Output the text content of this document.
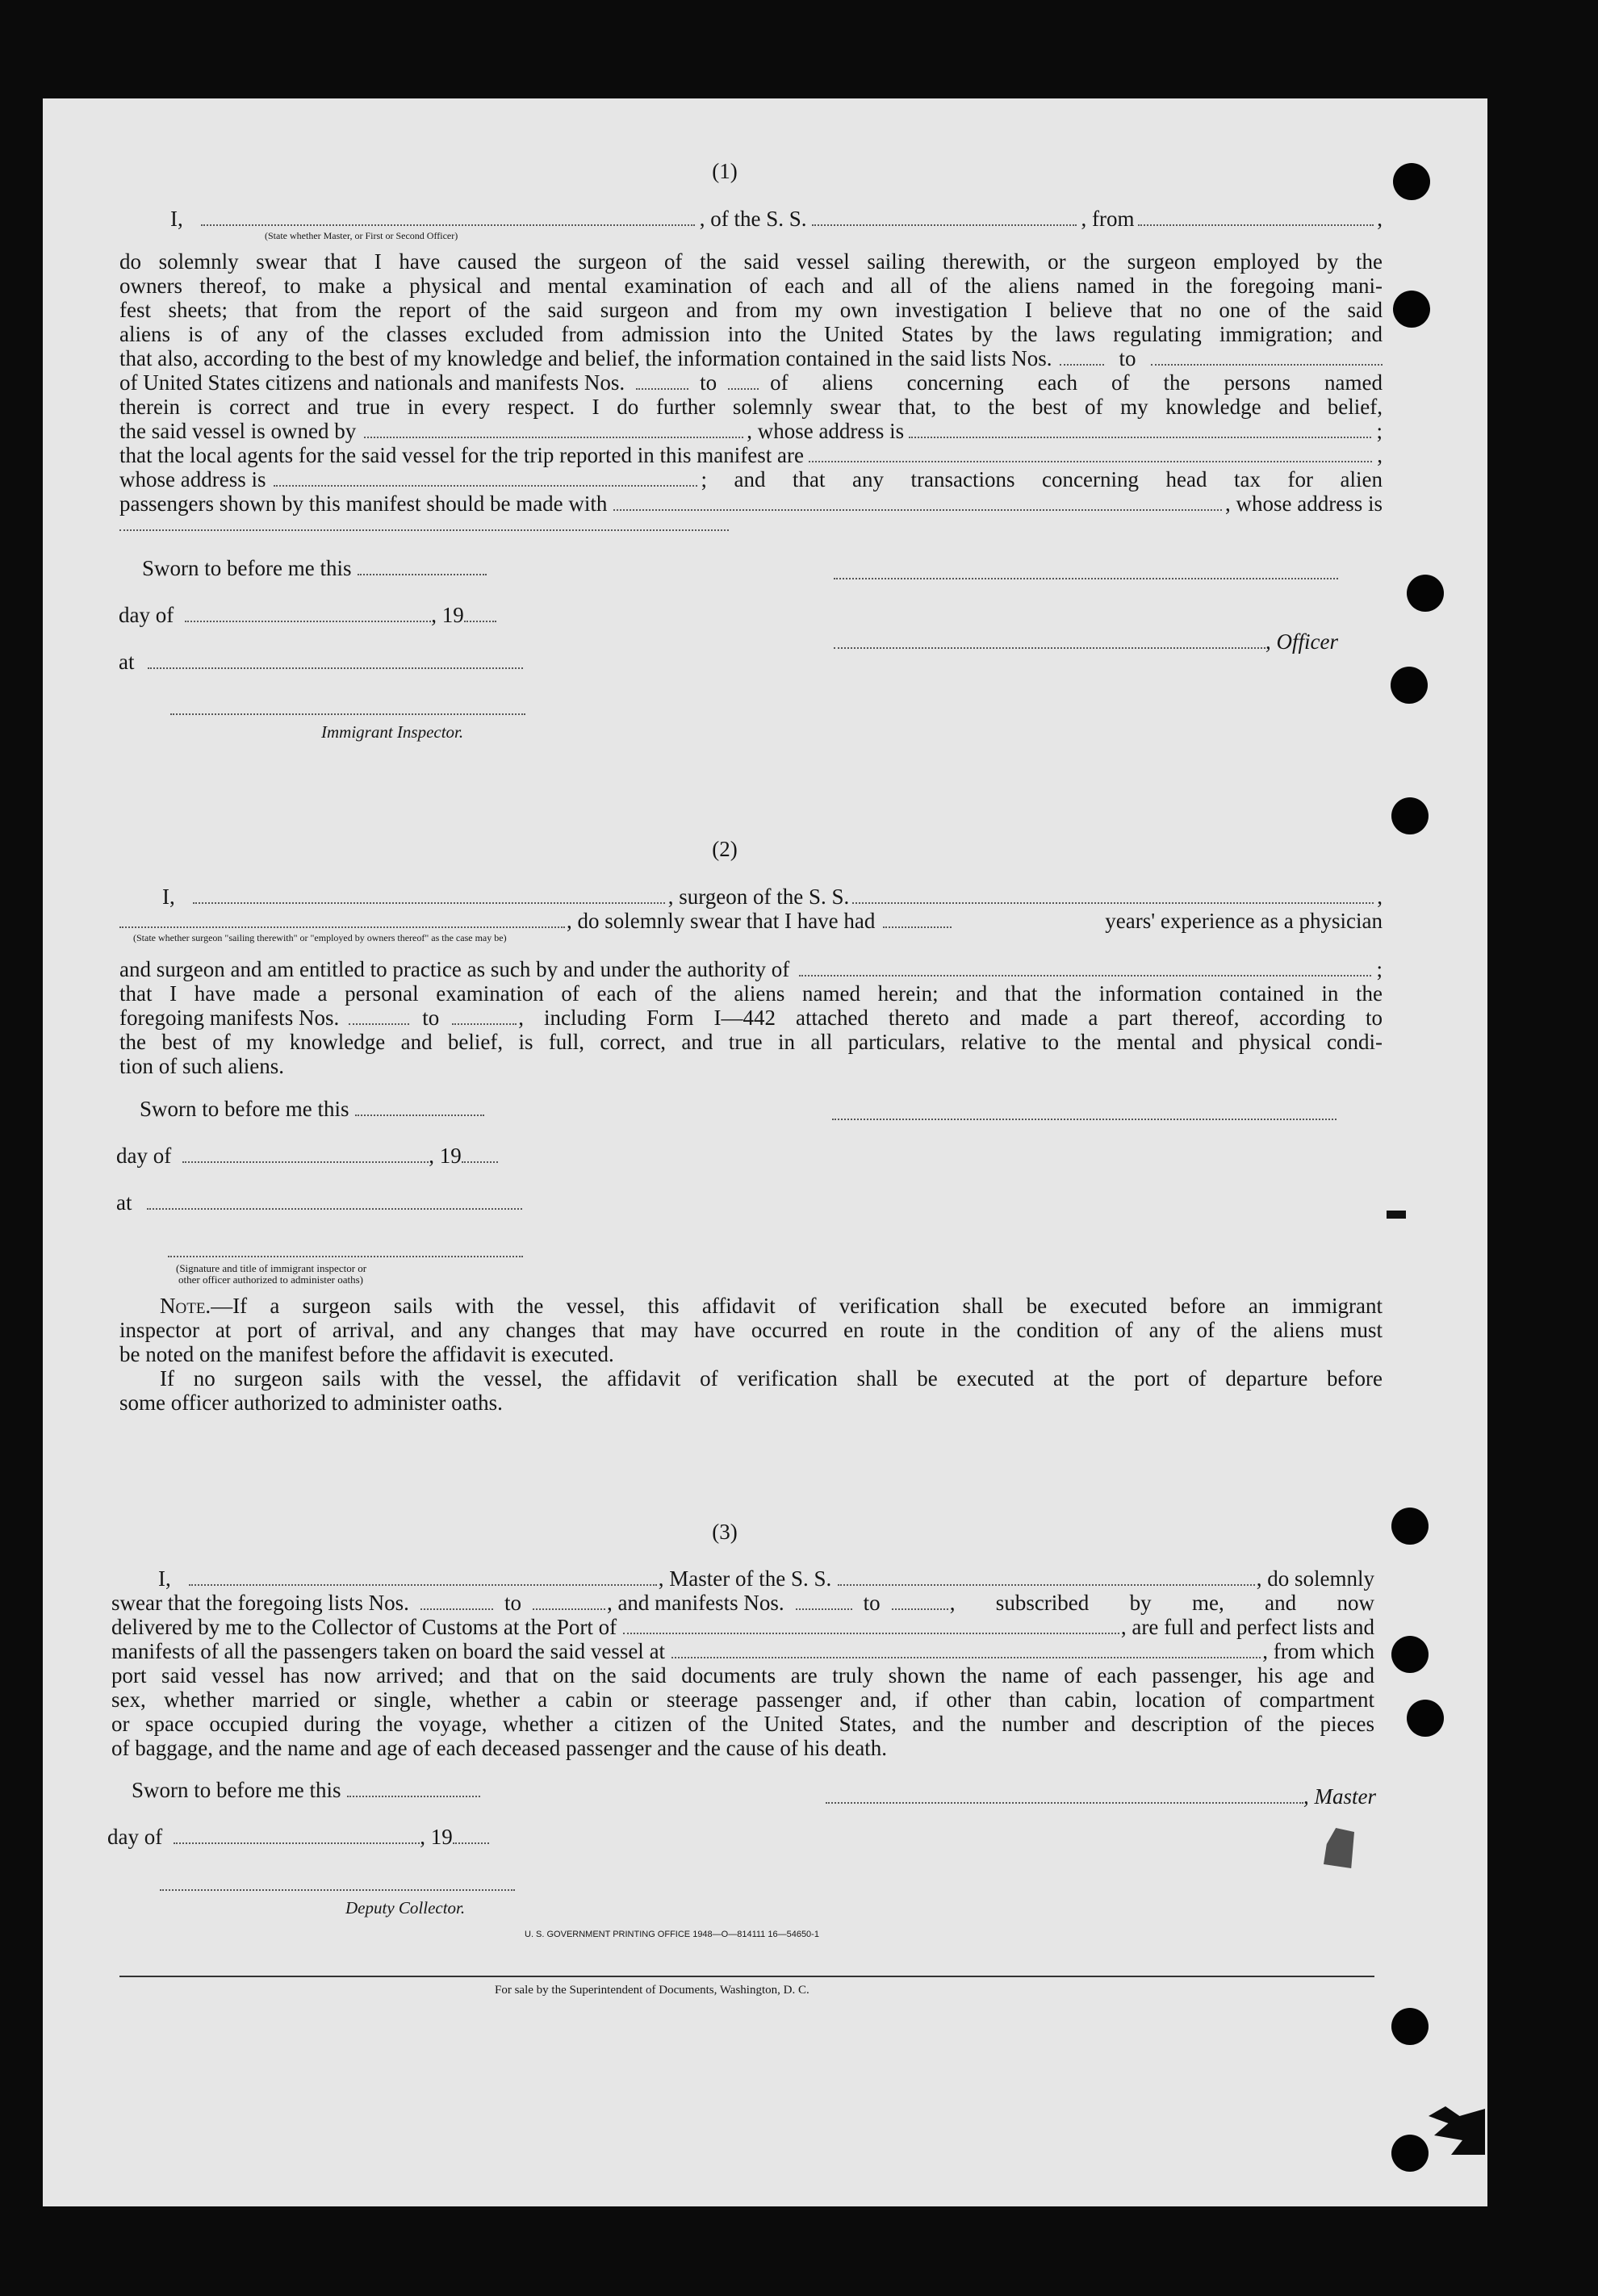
(1)
I,	, of the S. S.	, from	,
(State whether Master, or First or Second Officer)
do solemnly swear that I have caused the surgeon of the said vessel sailing therewith, or the surgeon employed by the
owners thereof, to make a physical and mental examination of each and all of the aliens named in the foregoing mani-
fest sheets; that from the report of the said surgeon and from my own investigation I believe that no one of the said
aliens is of any of the classes excluded from admission into the United States by the laws regulating immigration; and
that also, according to the best of my knowledge and belief, the information contained in the said lists Nos.	to
of United States citizens and nationals and manifests Nos.	to of aliens concerning each of the persons named
therein is correct and true in every respect. I do further solemnly swear that, to the best of my knowledge and belief,
the said vessel is owned by	, whose address is	;
that the local agents for the said vessel for the trip reported in this manifest are	,
whose address is	; and that any transactions concerning head tax for alien
passengers shown by this manifest should be made with	, whose address is
Sworn to before me this
day of	, 19
, Officer
at
Immigrant Inspector.
(2)
I,	, surgeon of the S. S.	,
, do solemnly swear that I have had	years' experience as a physician
(State whether surgeon "sailing therewith" or "employed by owners thereof" as the case may be)
and surgeon and am entitled to practice as such by and under the authority of	;
that I have made a personal examination of each of the aliens named herein; and that the information contained in the
foregoing manifests Nos.	to	, including Form I—442 attached thereto and made a part thereof, according to
the best of my knowledge and belief, is full, correct, and true in all particulars, relative to the mental and physical condi-
tion of such aliens.
Sworn to before me this
day of	, 19
at
(Signature and title of immigrant inspector or
other officer authorized to administer oaths)
Note. —If a surgeon sails with the vessel, this affidavit of verification shall be executed before an immigrant
inspector at port of arrival, and any changes that may have occurred en route in the condition of any of the aliens must
be noted on the manifest before the affidavit is executed.
If no surgeon sails with the vessel, the affidavit of verification shall be executed at the port of departure before
some officer authorized to administer oaths.
(3)
I,	, Master of the S. S.	, do solemnly
swear that the foregoing lists Nos.	to	, and manifests Nos.	to	, subscribed by me, and now
delivered by me to the Collector of Customs at the Port of	, are full and perfect lists and
manifests of all the passengers taken on board the said vessel at	, from which
port said vessel has now arrived; and that on the said documents are truly shown the name of each passenger, his age and
sex, whether married or single, whether a cabin or steerage passenger and, if other than cabin, location of compartment
or space occupied during the voyage, whether a citizen of the United States, and the number and description of the pieces
of baggage, and the name and age of each deceased passenger and the cause of his death.
Sworn to before me this	, Master
day of	, 19
Deputy Collector.
U. S. GOVERNMENT PRINTING OFFICE 1948—O—814111 16—54650-1
For sale by the Superintendent of Documents, Washington, D. C.
